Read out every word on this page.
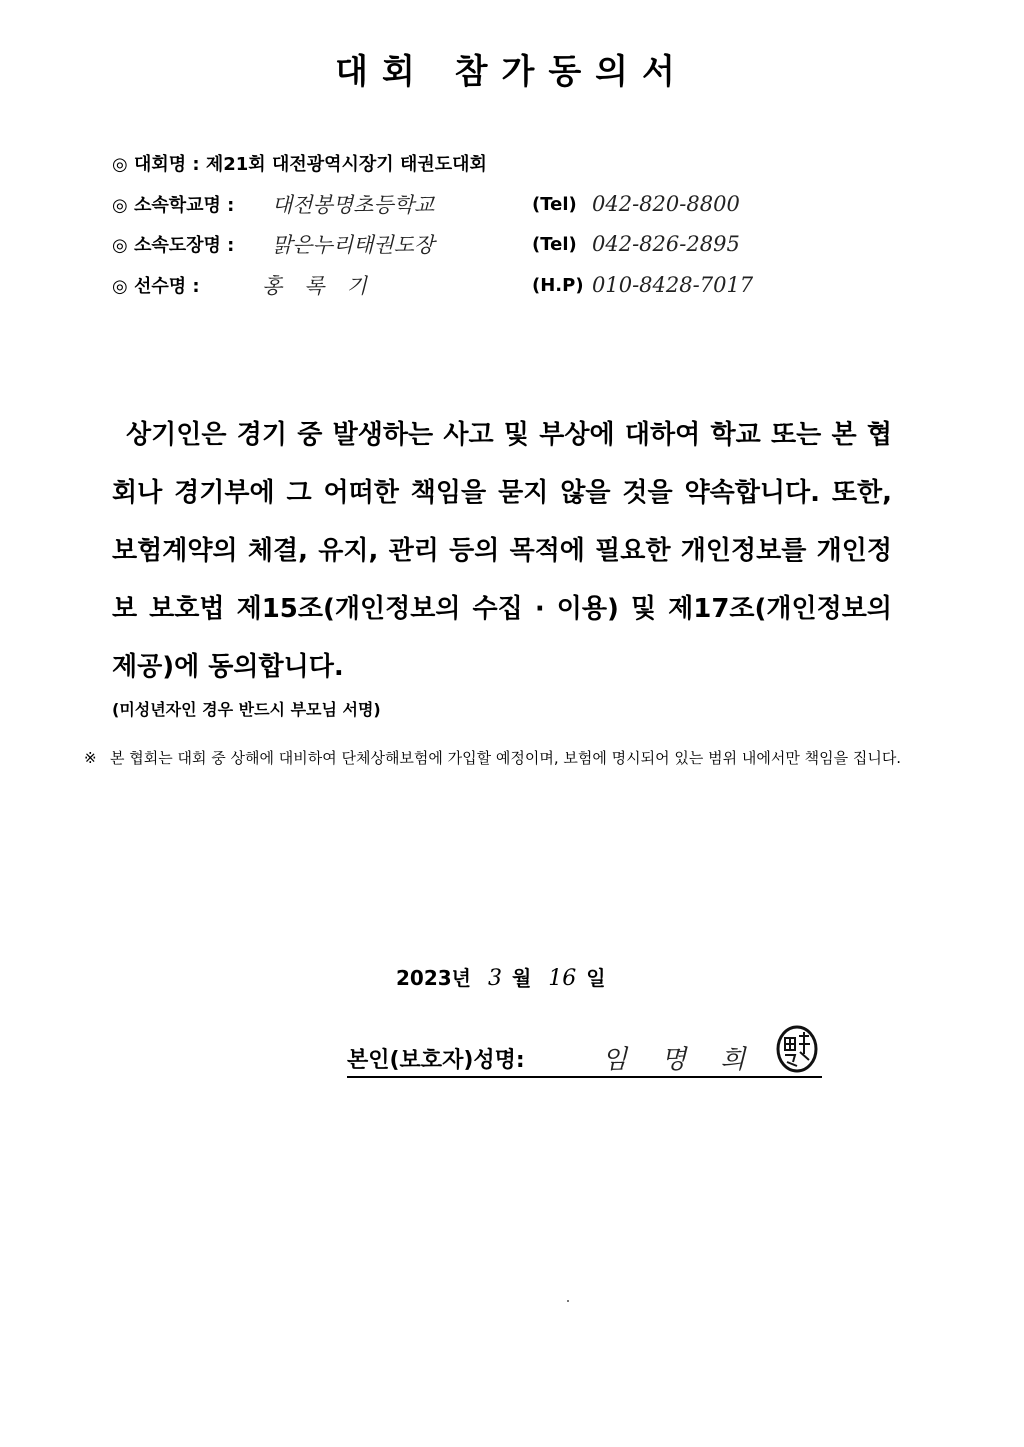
대회 참가동의서
◎ 대회명 : 제21회 대전광역시장기 태권도대회
◎ 소속학교명 : 대전봉명초등학교	(Tel) 042-820-8800
◎ 소속도장명 : 맑은누리태권도장	(Tel) 042-826-2895
◎ 선수명 :	홍록기	(H.P) 010-8428-7017
상기인은 경기 중 발생하는 사고 및 부상에 대하여 학교 또는 본 협회나 경기부에 그 어떠한 책임을 묻지 않을 것을 약속합니다. 또한, 보험계약의 체결, 유지, 관리 등의 목적에 필요한 개인정보를 개인정보 보호법 제15조(개인정보의 수집 · 이용) 및 제17조(개인정보의 제공)에 동의합니다.
(미성년자인 경우 반드시 부모님 서명)
※ 본 협회는 대회 중 상해에 대비하여 단체상해보험에 가입할 예정이며, 보험에 명시되어 있는 범위 내에서만 책임을 집니다.
2023년 3 월 16 일
본인(보호자)성명:	임명희
